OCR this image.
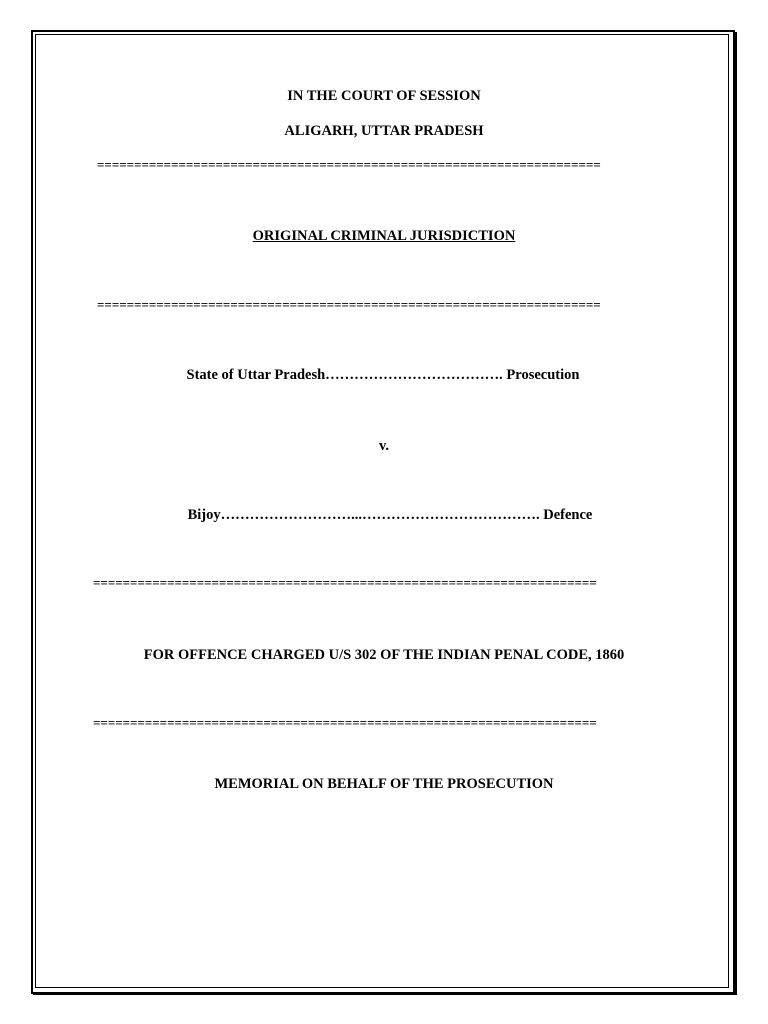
IN THE COURT OF SESSION
ALIGARH, UTTAR PRADESH
====================================================================
ORIGINAL CRIMINAL JURISDICTION
====================================================================
State of Uttar Pradesh………………………………. Prosecution
v.
Bijoy………………………...………………………………. Defence
====================================================================
FOR OFFENCE CHARGED U/S 302 OF THE INDIAN PENAL CODE, 1860
====================================================================
MEMORIAL ON BEHALF OF THE PROSECUTION
